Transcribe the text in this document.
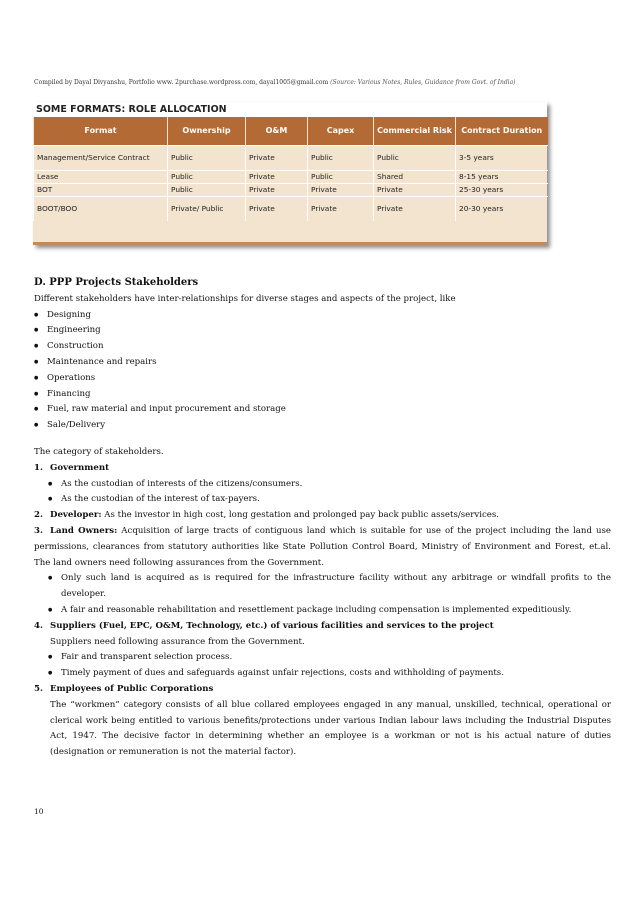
Compiled by Dayal Divyanshu, Portfolio www. 2purchase.wordpress.com, dayal1005@gmail.com (Source: Various Notes, Rules, Guidance from Govt. of India)
SOME FORMATS: ROLE ALLOCATION
Format	Ownership	O&M	Capex	Commercial Risk	Contract Duration
Management/Service Contract	Public	Private	Public	Public	3-5 years
Lease	Public	Private	Public	Shared	8-15 years
BOT	Public	Private	Private	Private	25-30 years
BOOT/BOO	Private/ Public	Private	Private	Private	20-30 years
D. PPP Projects Stakeholders

Different stakeholders have inter-relationships for diverse stages and aspects of the project, like

● Designing
● Engineering
● Construction
● Maintenance and repairs
● Operations
● Financing
● Fuel, raw material and input procurement and storage
● Sale/Delivery

The category of stakeholders.

1. Government
● As the custodian of interests of the citizens/consumers.
● As the custodian of the interest of tax-payers.
2. Developer: As the investor in high cost, long gestation and prolonged pay back public assets/services.
3. Land Owners: Acquisition of large tracts of contiguous land which is suitable for use of the project including the land use permissions, clearances from statutory authorities like State Pollution Control Board, Ministry of Environment and Forest, et.al. The land owners need following assurances from the Government.
● Only such land is acquired as is required for the infrastructure facility without any arbitrage or windfall profits to the developer.
● A fair and reasonable rehabilitation and resettlement package including compensation is implemented expeditiously.
4. Suppliers (Fuel, EPC, O&M, Technology, etc.) of various facilities and services to the project

Suppliers need following assurance from the Government.

● Fair and transparent selection process.
● Timely payment of dues and safeguards against unfair rejections, costs and withholding of payments.
5. Employees of Public Corporations

The “workmen” category consists of all blue collared employees engaged in any manual, unskilled, technical, operational or clerical work being entitled to various benefits/protections under various Indian labour laws including the Industrial Disputes Act, 1947. The decisive factor in determining whether an employee is a workman or not is his actual nature of duties (designation or remuneration is not the material factor).

10
